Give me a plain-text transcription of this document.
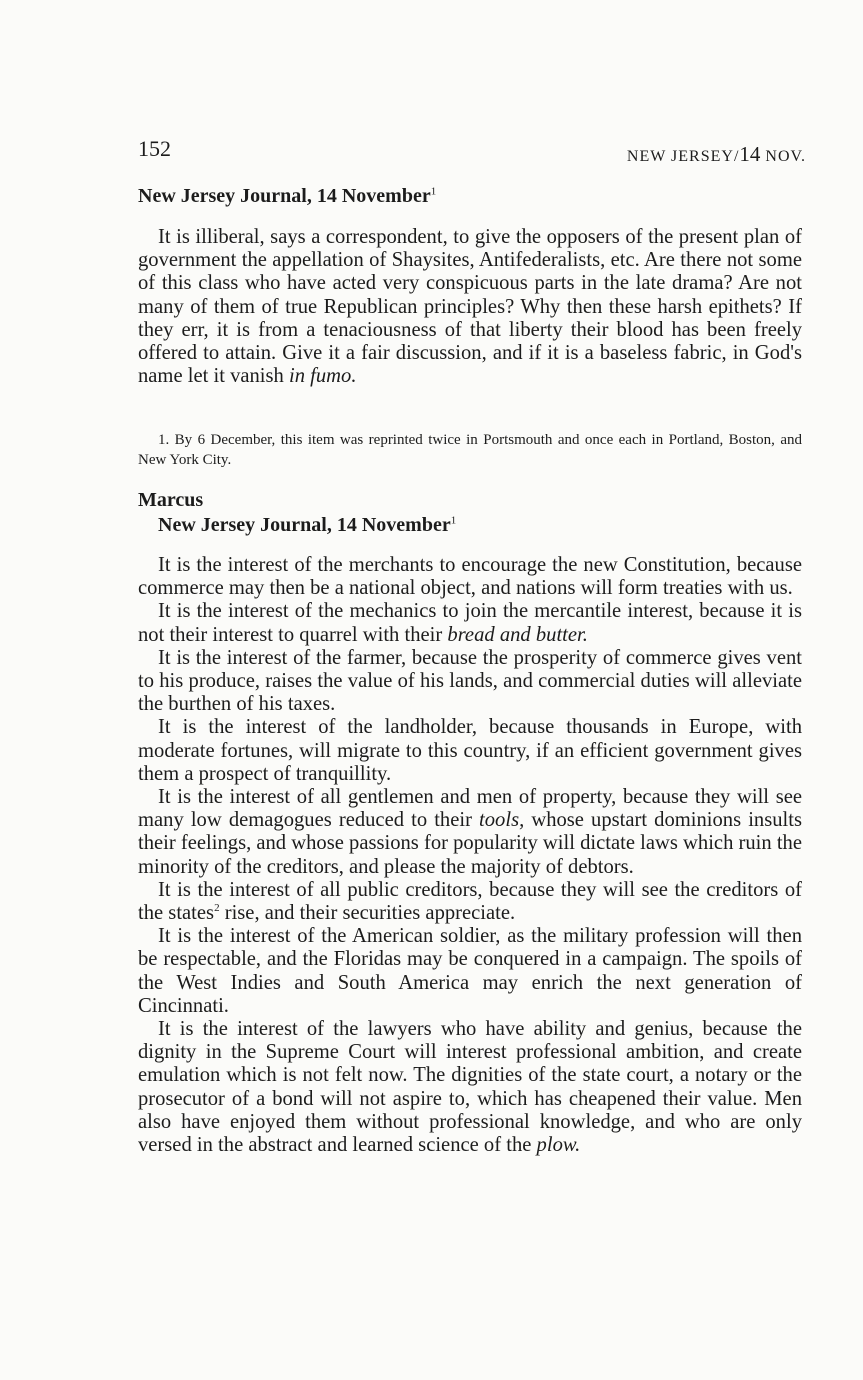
152	NEW JERSEY/14 NOV.
New Jersey Journal, 14 November$^1$

It is illiberal, says a correspondent, to give the opposers of the present plan of government the appellation of Shaysites, Antifederalists, etc. Are there not some of this class who have acted very conspicuous parts in the late drama? Are not many of them of true Republican principles? Why then these harsh epithets? If they err, it is from a tenaciousness of that liberty their blood has been freely offered to attain. Give it a fair discussion, and if it is a baseless fabric, in God's name let it vanish in fumo.

1. By 6 December, this item was reprinted twice in Portsmouth and once each in Portland, Boston, and New York City.
Marcus
New Jersey Journal, 14 November$^1$

It is the interest of the merchants to encourage the new Constitution, because commerce may then be a national object, and nations will form treaties with us.

It is the interest of the mechanics to join the mercantile interest, because it is not their interest to quarrel with their bread and butter.

It is the interest of the farmer, because the prosperity of commerce gives vent to his produce, raises the value of his lands, and commercial duties will alleviate the burthen of his taxes.

It is the interest of the landholder, because thousands in Europe, with moderate fortunes, will migrate to this country, if an efficient government gives them a prospect of tranquillity.

It is the interest of all gentlemen and men of property, because they will see many low demagogues reduced to their tools, whose upstart dominions insults their feelings, and whose passions for popularity will dictate laws which ruin the minority of the creditors, and please the majority of debtors.

It is the interest of all public creditors, because they will see the creditors of the states$^2$ rise, and their securities appreciate.

It is the interest of the American soldier, as the military profession will then be respectable, and the Floridas may be conquered in a campaign. The spoils of the West Indies and South America may enrich the next generation of Cincinnati.

It is the interest of the lawyers who have ability and genius, because the dignity in the Supreme Court will interest professional ambition, and create emulation which is not felt now. The dignities of the state court, a notary or the prosecutor of a bond will not aspire to, which has cheapened their value. Men also have enjoyed them without professional knowledge, and who are only versed in the abstract and learned science of the plow.
